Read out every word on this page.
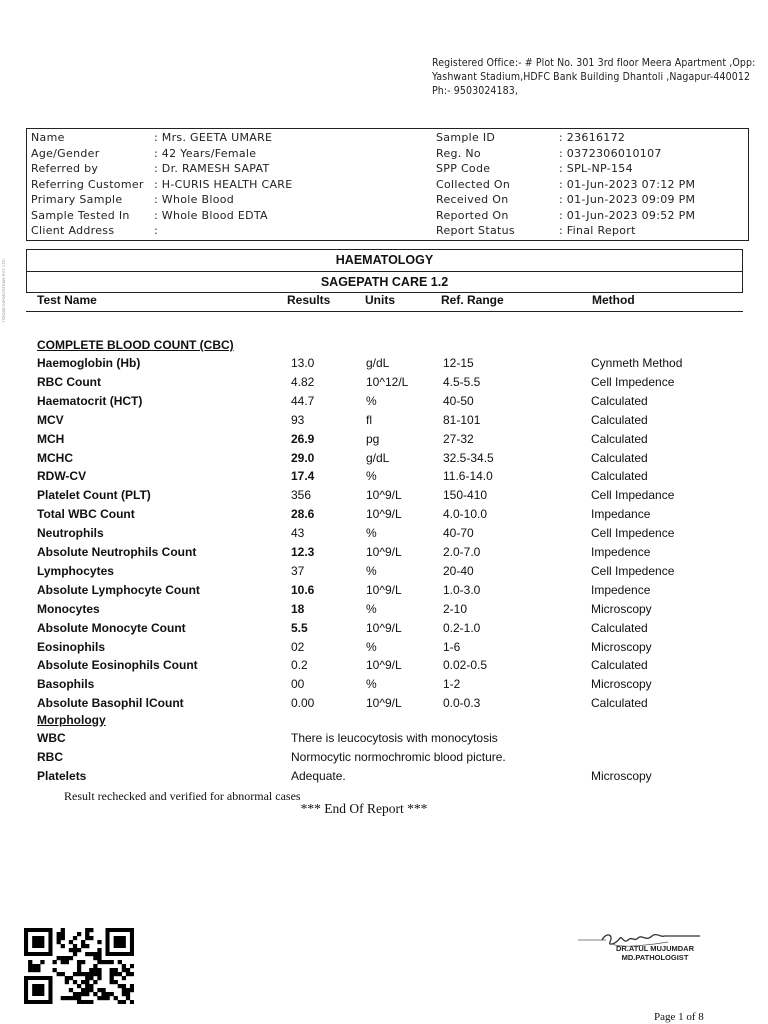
Registered Office:- # Plot No. 301 3rd floor Meera Apartment ,Opp:
Yashwant Stadium,HDFC Bank Building Dhantoli ,Nagapur-440012
Ph:- 9503024183,
ITDOSE INFOSYSTEMS PVT. LTD.
Name	: Mrs. GEETA UMARE
Age/Gender	: 42 Years/Female
Referred by	: Dr. RAMESH SAPAT
Referring Customer : H-CURIS HEALTH CARE
Primary Sample	: Whole Blood
Sample Tested In : Whole Blood EDTA
Client Address	:
Sample ID	: 23616172
Reg. No	: 0372306010107
SPP Code	: SPL-NP-154
Collected On	: 01-Jun-2023 07:12 PM
Received On	: 01-Jun-2023 09:09 PM
Reported On	: 01-Jun-2023 09:52 PM
Report Status	: Final Report
HAEMATOLOGY
SAGEPATH CARE 1.2
Test Name	Results	Units	Ref. Range	Method
COMPLETE BLOOD COUNT (CBC)
Haemoglobin (Hb)	13.0	g/dL	12-15	Cynmeth Method
RBC Count	4.82	10^12/L	4.5-5.5	Cell Impedence
Haematocrit (HCT)	44.7	%	40-50	Calculated
MCV	93	fl	81-101	Calculated
MCH	26.9	pg	27-32	Calculated
MCHC	29.0	g/dL	32.5-34.5	Calculated
RDW-CV	17.4	%	11.6-14.0	Calculated
Platelet Count (PLT)	356	10^9/L	150-410	Cell Impedance
Total WBC Count	28.6	10^9/L	4.0-10.0	Impedance
Neutrophils	43	%	40-70	Cell Impedence
Absolute Neutrophils Count	12.3	10^9/L	2.0-7.0	Impedence
Lymphocytes	37	%	20-40	Cell Impedence
Absolute Lymphocyte Count	10.6	10^9/L	1.0-3.0	Impedence
Monocytes	18	%	2-10	Microscopy
Absolute Monocyte Count	5.5	10^9/L	0.2-1.0	Calculated
Eosinophils	02	%	1-6	Microscopy
Absolute Eosinophils Count	0.2	10^9/L	0.02-0.5	Calculated
Basophils	00	%	1-2	Microscopy
Absolute Basophil lCount	0.00	10^9/L	0.0-0.3	Calculated
Morphology
WBC	There is leucocytosis with monocytosis
RBC	Normocytic normochromic blood picture.
Platelets	Adequate.	Microscopy
Result rechecked and verified for abnormal cases
*** End Of Report ***
DR.ATUL MUJUMDAR
MD.PATHOLOGIST
Page 1 of 8
